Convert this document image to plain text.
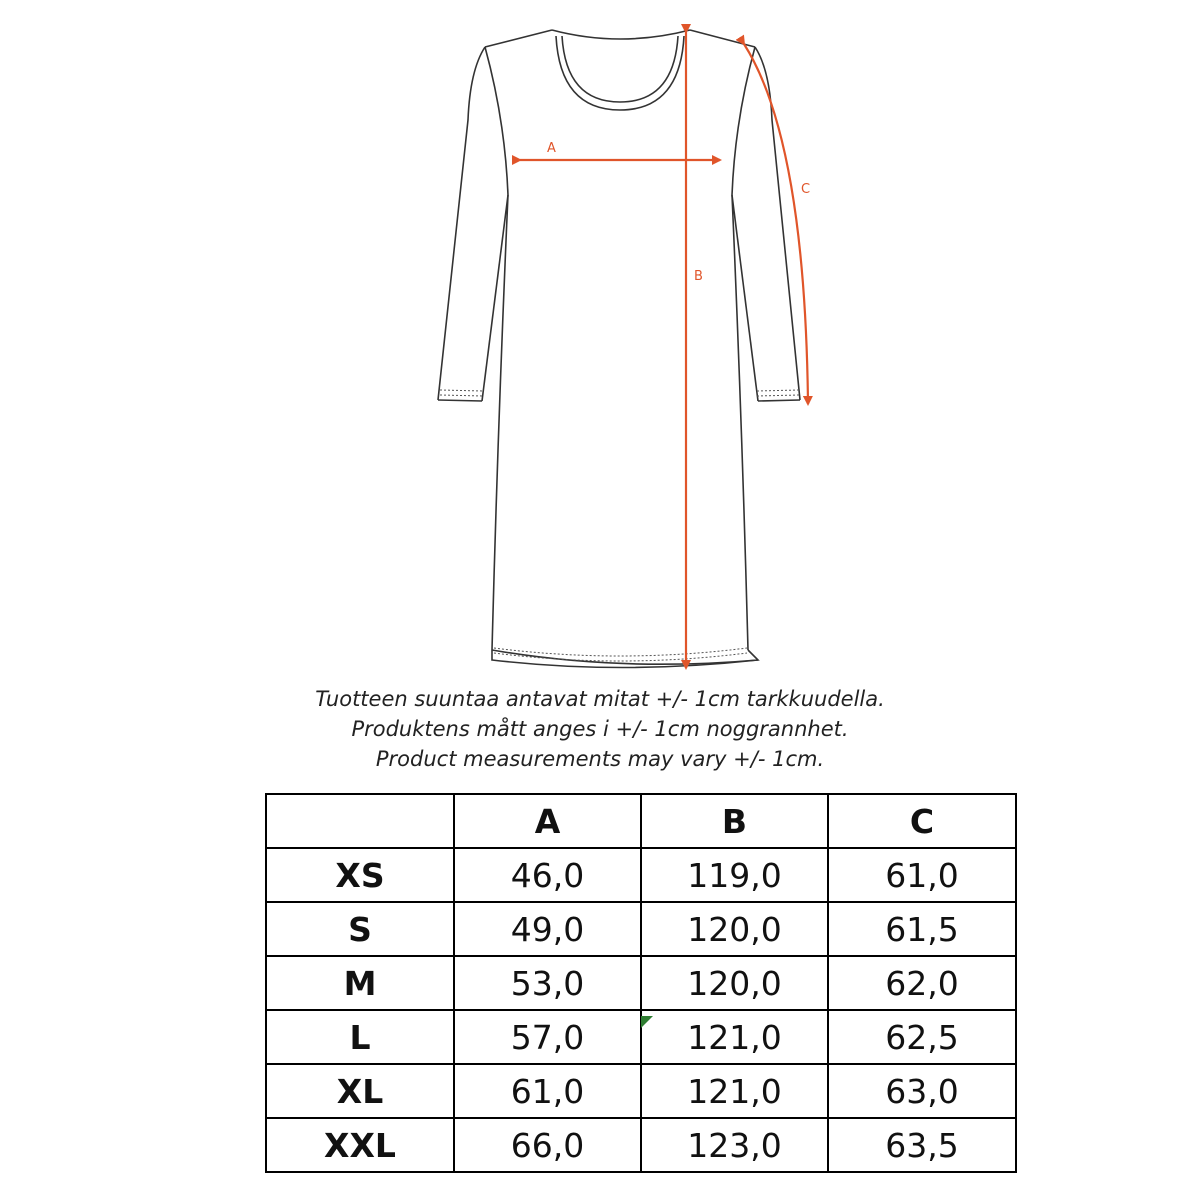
A
B
C
Tuotteen suuntaa antavat mitat +/- 1cm tarkkuudella.
Produktens mått anges i +/- 1cm noggrannhet.
Product measurements may vary +/- 1cm.
	A	B	C
XS	46,0	119,0	61,0
S	49,0	120,0	61,5
M	53,0	120,0	62,0
L	57,0	121,0	62,5
XL	61,0	121,0	63,0
XXL	66,0	123,0	63,5
